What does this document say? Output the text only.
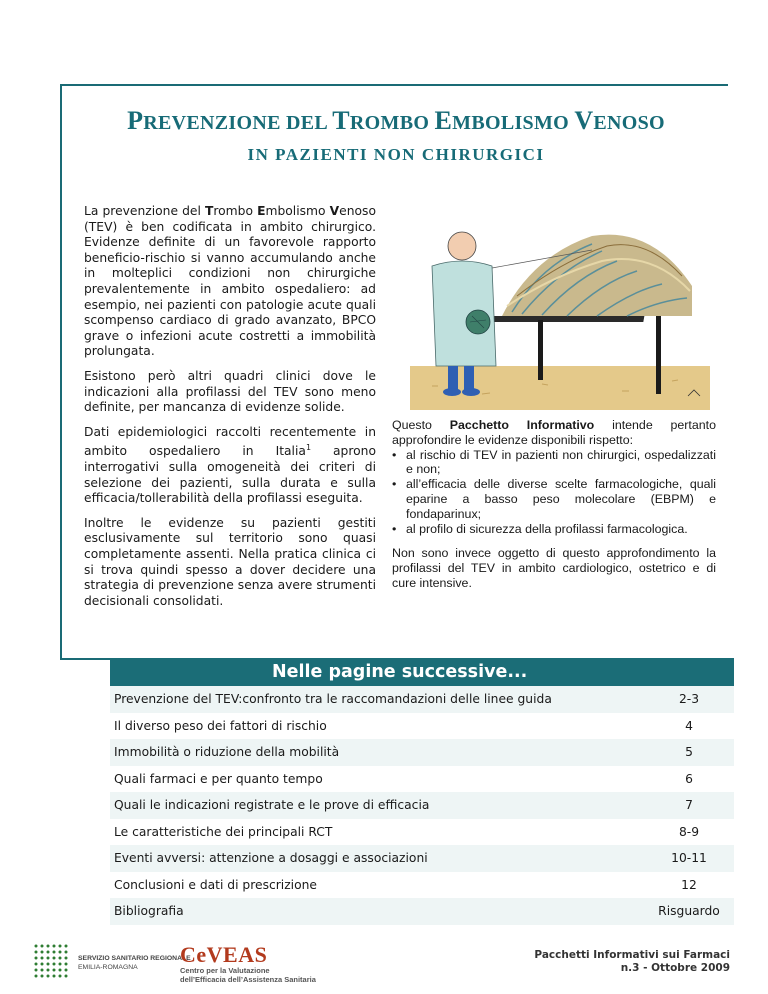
PREVENZIONE DEL TROMBO EMBOLISMO VENOSO
IN PAZIENTI NON CHIRURGICI

La prevenzione del Trombo Embolismo Venoso (TEV) è ben codificata in ambito chirurgico. Evidenze definite di un favorevole rapporto beneficio-rischio si vanno accumulando anche in molteplici condizioni non chirurgiche prevalentemente in ambito ospedaliero: ad esempio, nei pazienti con patologie acute quali scompenso cardiaco di grado avanzato, BPCO grave o infezioni acute costretti a immobilità prolungata.

Esistono però altri quadri clinici dove le indicazioni alla profilassi del TEV sono meno definite, per mancanza di evidenze solide.

Dati epidemiologici raccolti recentemente in ambito ospedaliero in Italia$^1$ aprono interrogativi sulla omogeneità dei criteri di selezione dei pazienti, sulla durata e sulla efficacia/tollerabilità della profilassi eseguita.

Inoltre le evidenze su pazienti gestiti esclusivamente sul territorio sono quasi completamente assenti. Nella pratica clinica ci si trova quindi spesso a dover decidere una strategia di prevenzione senza avere strumenti decisionali consolidati.

Questo Pacchetto Informativo intende pertanto approfondire le evidenze disponibili rispetto:

• al rischio di TEV in pazienti non chirurgici, ospedalizzati e non;
• all’efficacia delle diverse scelte farmacologiche, quali eparine a basso peso molecolare (EBPM) e fondaparinux;
• al profilo di sicurezza della profilassi farmacologica.

Non sono invece oggetto di questo approfondimento la profilassi del TEV in ambito cardiologico, ostetrico e di cure intensive.

Nelle pagine successive...
Prevenzione del TEV:confronto tra le raccomandazioni delle linee guida	2-3
Il diverso peso dei fattori di rischio	4
Immobilità o riduzione della mobilità	5
Quali farmaci e per quanto tempo	6
Quali le indicazioni registrate e le prove di efficacia	7
Le caratteristiche dei principali RCT	8-9
Eventi avversi: attenzione a dosaggi e associazioni	10-11
Conclusioni e dati di prescrizione	12
Bibliografia	Risguardo
SERVIZIO SANITARIO REGIONALE
EMILIA-ROMAGNA
CeVEAS
Centro per la Valutazione
dell’Efficacia dell’Assistenza Sanitaria
Pacchetti Informativi sui Farmaci
n.3 - Ottobre 2009
